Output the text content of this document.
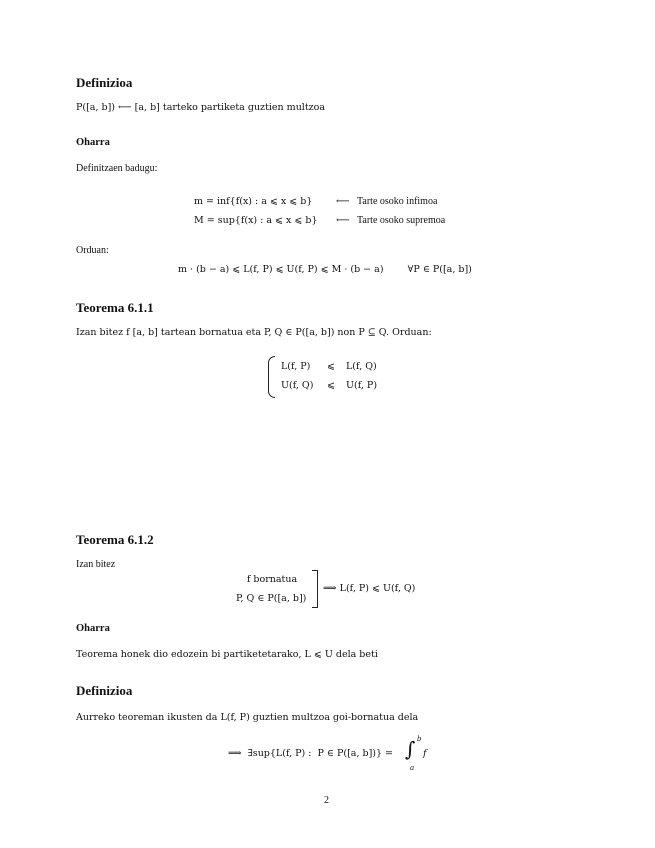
Definizioa
P([a, b]) ⟵ [a, b] tarteko partiketa guztien multzoa
Oharra
Definitzaen badugu:
m = inf{f(x) : a ⩽ x ⩽ b} ⟵ Tarte osoko infimoa
M = sup{f(x) : a ⩽ x ⩽ b} ⟵ Tarte osoko supremoa
Orduan:
m · (b − a) ⩽ L(f, P) ⩽ U(f, P) ⩽ M · (b − a)        ∀P ∈ P([a, b])
Teorema 6.1.1
Izan bitez f [a, b] tartean bornatua eta P, Q ∈ P([a, b]) non P ⊆ Q. Orduan:
L(f, P) ⩽ L(f, Q)
U(f, Q) ⩽ U(f, P)
Teorema 6.1.2
Izan bitez
f bornatua
P, Q ∈ P([a, b])
⟹ L(f, P) ⩽ U(f, Q)
Oharra
Teorema honek dio edozein bi partiketetarako, L ⩽ U dela beti
Definizioa
Aurreko teoreman ikusten da L(f, P) guztien multzoa goi-bornatua dela
⟹  ∃sup{L(f, P) :  P ∈ P([a, b])} = ∫ b
a
f
2
